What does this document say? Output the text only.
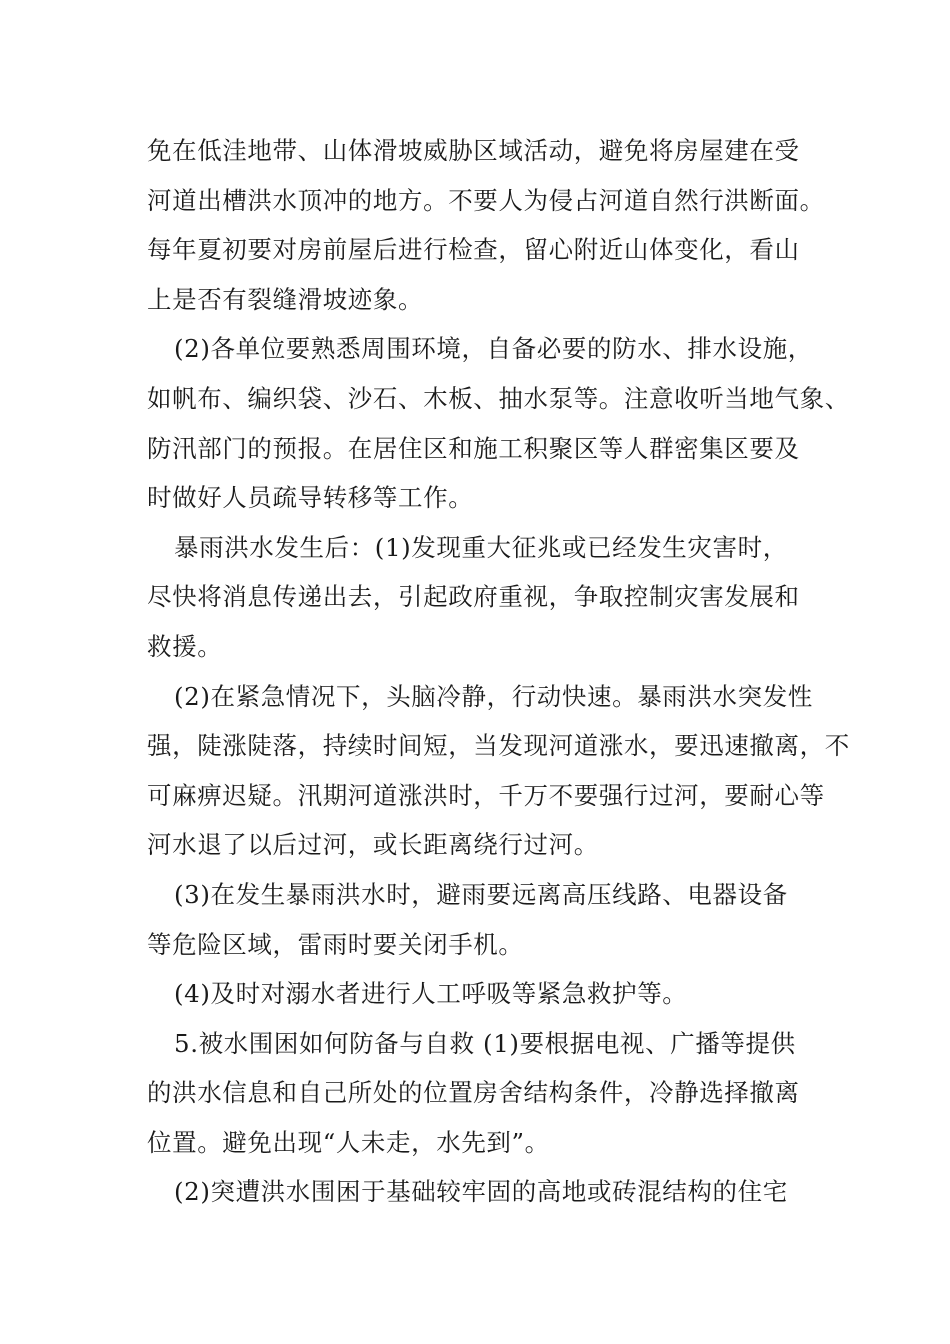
免在低洼地带、山体滑坡威胁区域活动，避免将房屋建在受
河道出槽洪水顶冲的地方。不要人为侵占河道自然行洪断面。
每年夏初要对房前屋后进行检查，留心附近山体变化，看山
上是否有裂缝滑坡迹象。
(2)各单位要熟悉周围环境，自备必要的防水、排水设施，
如帆布、编织袋、沙石、木板、抽水泵等。注意收听当地气象、
防汛部门的预报。在居住区和施工积聚区等人群密集区要及
时做好人员疏导转移等工作。
暴雨洪水发生后：(1)发现重大征兆或已经发生灾害时，
尽快将消息传递出去，引起政府重视，争取控制灾害发展和
救援。
(2)在紧急情况下，头脑冷静，行动快速。暴雨洪水突发性
强，陡涨陡落，持续时间短，当发现河道涨水，要迅速撤离，不
可麻痹迟疑。汛期河道涨洪时，千万不要强行过河，要耐心等
河水退了以后过河，或长距离绕行过河。
(3)在发生暴雨洪水时，避雨要远离高压线路、电器设备
等危险区域，雷雨时要关闭手机。
(4)及时对溺水者进行人工呼吸等紧急救护等。
5.被水围困如何防备与自救 (1)要根据电视、广播等提供
的洪水信息和自己所处的位置房舍结构条件，冷静选择撤离
位置。避免出现“人未走，水先到”。
(2)突遭洪水围困于基础较牢固的高地或砖混结构的住宅
